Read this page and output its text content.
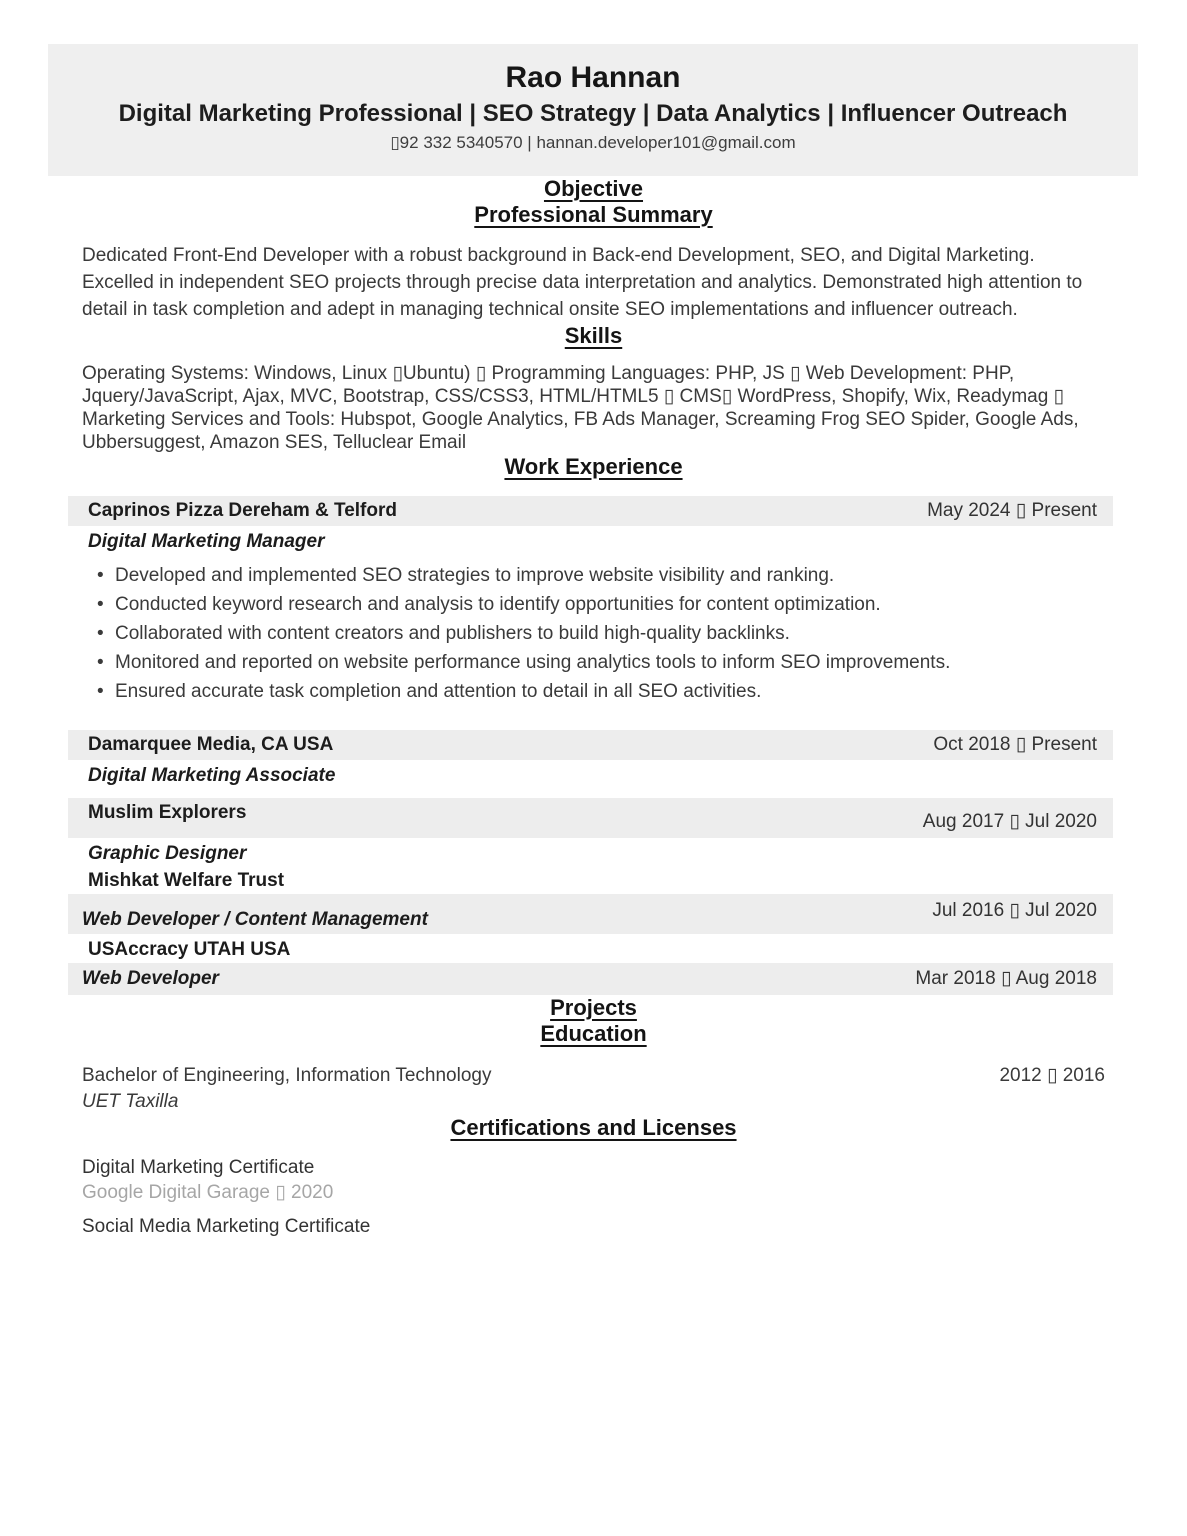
Rao Hannan
Digital Marketing Professional | SEO Strategy | Data Analytics | Influencer Outreach
▯92 332 5340570 | hannan.developer101@gmail.com
Objective
Professional Summary

Dedicated Front-End Developer with a robust background in Back-end Development, SEO, and Digital Marketing. Excelled in independent SEO projects through precise data interpretation and analytics. Demonstrated high attention to detail in task completion and adept in managing technical onsite SEO implementations and influencer outreach.

Skills

Operating Systems: Windows, Linux ▯Ubuntu) ▯ Programming Languages: PHP, JS ▯ Web Development: PHP, Jquery/JavaScript, Ajax, MVC, Bootstrap, CSS/CSS3, HTML/HTML5 ▯ CMS▯ WordPress, Shopify, Wix, Readymag ▯ Marketing Services and Tools: Hubspot, Google Analytics, FB Ads Manager, Screaming Frog SEO Spider, Google Ads, Ubbersuggest, Amazon SES, Telluclear Email

Work Experience
Caprinos Pizza Dereham & Telford	May 2024 ▯ Present
Digital Marketing Manager
• Developed and implemented SEO strategies to improve website visibility and ranking.
• Conducted keyword research and analysis to identify opportunities for content optimization.
• Collaborated with content creators and publishers to build high-quality backlinks.
• Monitored and reported on website performance using analytics tools to inform SEO improvements.
• Ensured accurate task completion and attention to detail in all SEO activities.
Damarquee Media, CA USA	Oct 2018 ▯ Present
Digital Marketing Associate
Muslim Explorers	Aug 2017 ▯ Jul 2020
Graphic Designer
Mishkat Welfare Trust
Web Developer / Content Management	Jul 2016 ▯ Jul 2020
USAccracy UTAH USA
Web Developer	Mar 2018 ▯ Aug 2018
Projects
Education
Bachelor of Engineering, Information Technology	2012 ▯ 2016
UET Taxilla
Certifications and Licenses
Digital Marketing Certificate
Google Digital Garage ▯ 2020
Social Media Marketing Certificate
